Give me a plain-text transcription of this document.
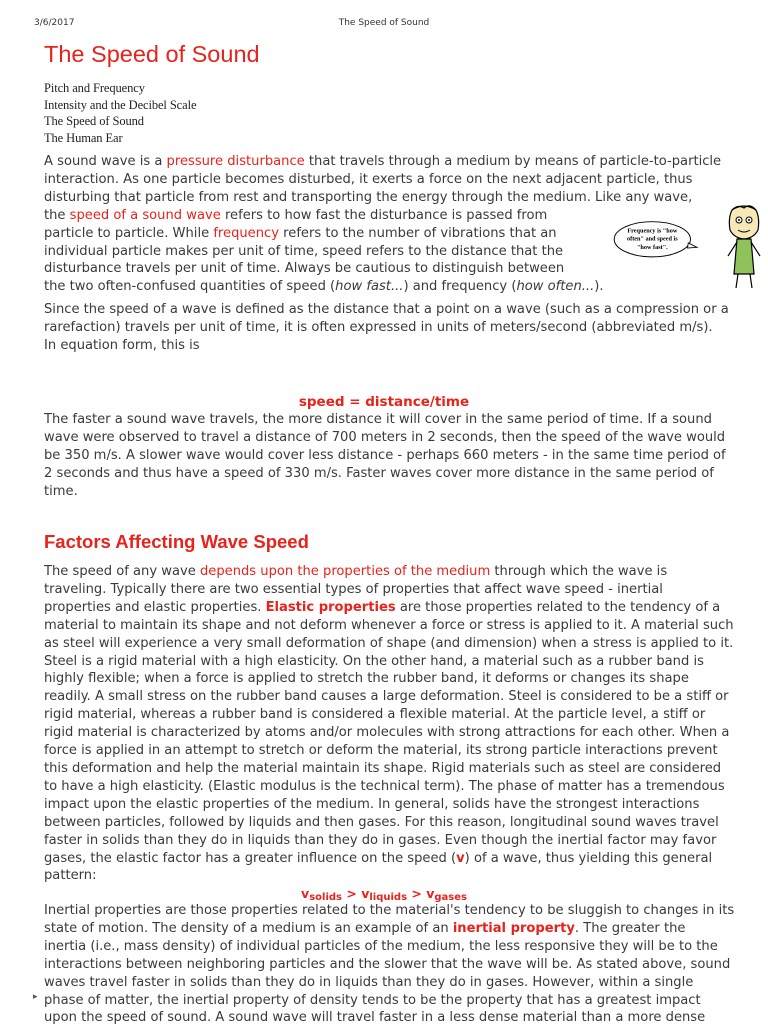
3/6/2017	The Speed of Sound
The Speed of Sound
Pitch and Frequency
Intensity and the Decibel Scale
The Speed of Sound
The Human Ear
A sound wave is a pressure disturbance that travels through a medium by means of particle-to-particle
interaction. As one particle becomes disturbed, it exerts a force on the next adjacent particle, thus
disturbing that particle from rest and transporting the energy through the medium. Like any wave,
the speed of a sound wave refers to how fast the disturbance is passed from
particle to particle. While frequency refers to the number of vibrations that an
individual particle makes per unit of time, speed refers to the distance that the
disturbance travels per unit of time. Always be cautious to distinguish between
the two often-confused quantities of speed (how fast...) and frequency (how often...).
Frequency is "how
often" and speed is
"how fast".
Since the speed of a wave is defined as the distance that a point on a wave (such as a compression or a
rarefaction) travels per unit of time, it is often expressed in units of meters/second (abbreviated m/s).
In equation form, this is
speed = distance/time
The faster a sound wave travels, the more distance it will cover in the same period of time. If a sound
wave were observed to travel a distance of 700 meters in 2 seconds, then the speed of the wave would
be 350 m/s. A slower wave would cover less distance - perhaps 660 meters - in the same time period of
2 seconds and thus have a speed of 330 m/s. Faster waves cover more distance in the same period of
time.
Factors Affecting Wave Speed
The speed of any wave depends upon the properties of the medium through which the wave is
traveling. Typically there are two essential types of properties that affect wave speed - inertial
properties and elastic properties. Elastic properties are those properties related to the tendency of a
material to maintain its shape and not deform whenever a force or stress is applied to it. A material such
as steel will experience a very small deformation of shape (and dimension) when a stress is applied to it.
Steel is a rigid material with a high elasticity. On the other hand, a material such as a rubber band is
highly flexible; when a force is applied to stretch the rubber band, it deforms or changes its shape
readily. A small stress on the rubber band causes a large deformation. Steel is considered to be a stiff or
rigid material, whereas a rubber band is considered a flexible material. At the particle level, a stiff or
rigid material is characterized by atoms and/or molecules with strong attractions for each other. When a
force is applied in an attempt to stretch or deform the material, its strong particle interactions prevent
this deformation and help the material maintain its shape. Rigid materials such as steel are considered
to have a high elasticity. (Elastic modulus is the technical term). The phase of matter has a tremendous
impact upon the elastic properties of the medium. In general, solids have the strongest interactions
between particles, followed by liquids and then gases. For this reason, longitudinal sound waves travel
faster in solids than they do in liquids than they do in gases. Even though the inertial factor may favor
gases, the elastic factor has a greater influence on the speed (v) of a wave, thus yielding this general
pattern:
$v_{solids} > v_{liquids} > v_{gases}$
Inertial properties are those properties related to the material's tendency to be sluggish to changes in its
state of motion. The density of a medium is an example of an inertial property. The greater the
inertia (i.e., mass density) of individual particles of the medium, the less responsive they will be to the
interactions between neighboring particles and the slower that the wave will be. As stated above, sound
waves travel faster in solids than they do in liquids than they do in gases. However, within a single
phase of matter, the inertial property of density tends to be the property that has a greatest impact
upon the speed of sound. A sound wave will travel faster in a less dense material than a more dense
▸
